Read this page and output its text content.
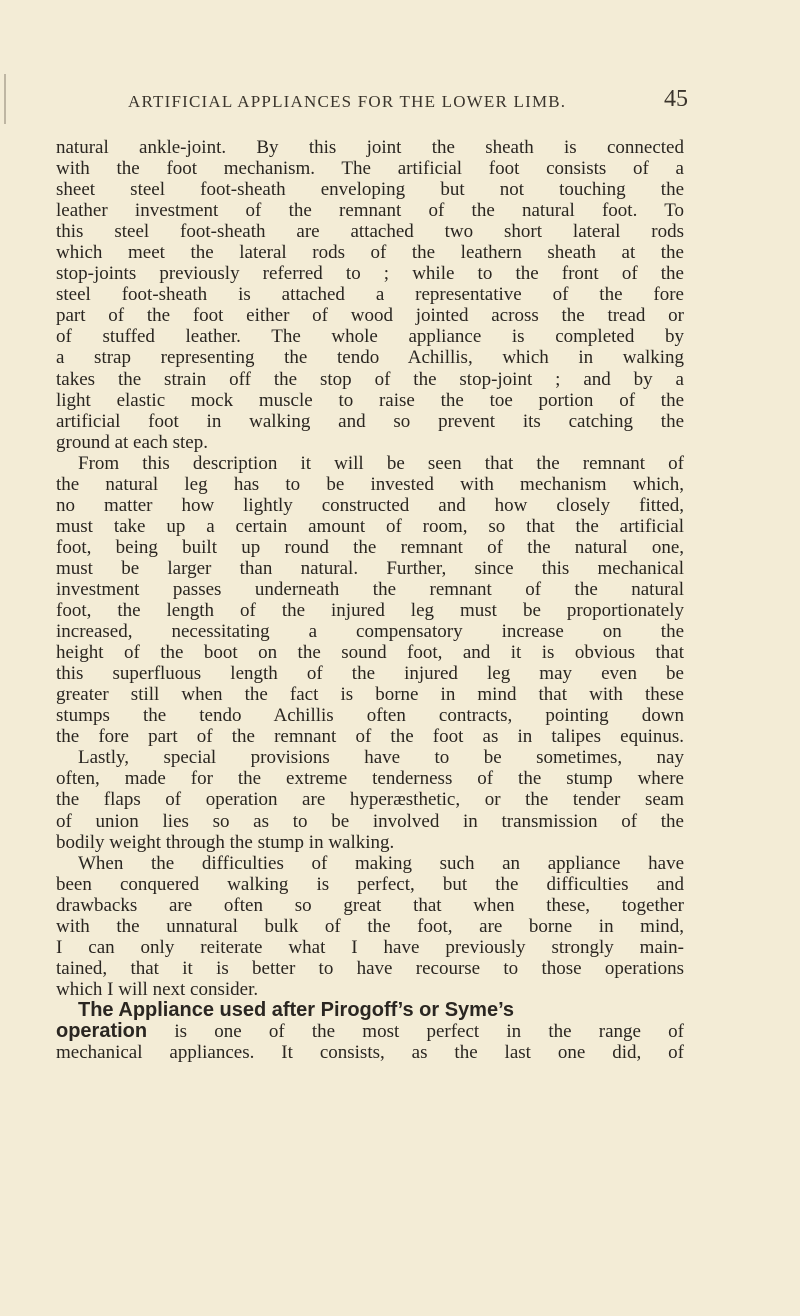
ARTIFICIAL APPLIANCES FOR THE LOWER LIMB.	45
natural ankle-joint. By this joint the sheath is connected
with the foot mechanism. The artificial foot consists of a
sheet steel foot-sheath enveloping but not touching the
leather investment of the remnant of the natural foot. To
this steel foot-sheath are attached two short lateral rods
which meet the lateral rods of the leathern sheath at the
stop-joints previously referred to ; while to the front of the
steel foot-sheath is attached a representative of the fore
part of the foot either of wood jointed across the tread or
of stuffed leather. The whole appliance is completed by
a strap representing the tendo Achillis, which in walking
takes the strain off the stop of the stop-joint ; and by a
light elastic mock muscle to raise the toe portion of the
artificial foot in walking and so prevent its catching the
ground at each step.
From this description it will be seen that the remnant of
the natural leg has to be invested with mechanism which,
no matter how lightly constructed and how closely fitted,
must take up a certain amount of room, so that the artificial
foot, being built up round the remnant of the natural one,
must be larger than natural. Further, since this mechanical
investment passes underneath the remnant of the natural
foot, the length of the injured leg must be proportionately
increased, necessitating a compensatory increase on the
height of the boot on the sound foot, and it is obvious that
this superfluous length of the injured leg may even be
greater still when the fact is borne in mind that with these
stumps the tendo Achillis often contracts, pointing down
the fore part of the remnant of the foot as in talipes equinus.
Lastly, special provisions have to be sometimes, nay
often, made for the extreme tenderness of the stump where
the flaps of operation are hyperæsthetic, or the tender seam
of union lies so as to be involved in transmission of the
bodily weight through the stump in walking.
When the difficulties of making such an appliance have
been conquered walking is perfect, but the difficulties and
drawbacks are often so great that when these, together
with the unnatural bulk of the foot, are borne in mind,
I can only reiterate what I have previously strongly main-
tained, that it is better to have recourse to those operations
which I will next consider.
The Appliance used after Pirogoff’s or Syme’s
operation is one of the most perfect in the range of
mechanical appliances. It consists, as the last one did, of
